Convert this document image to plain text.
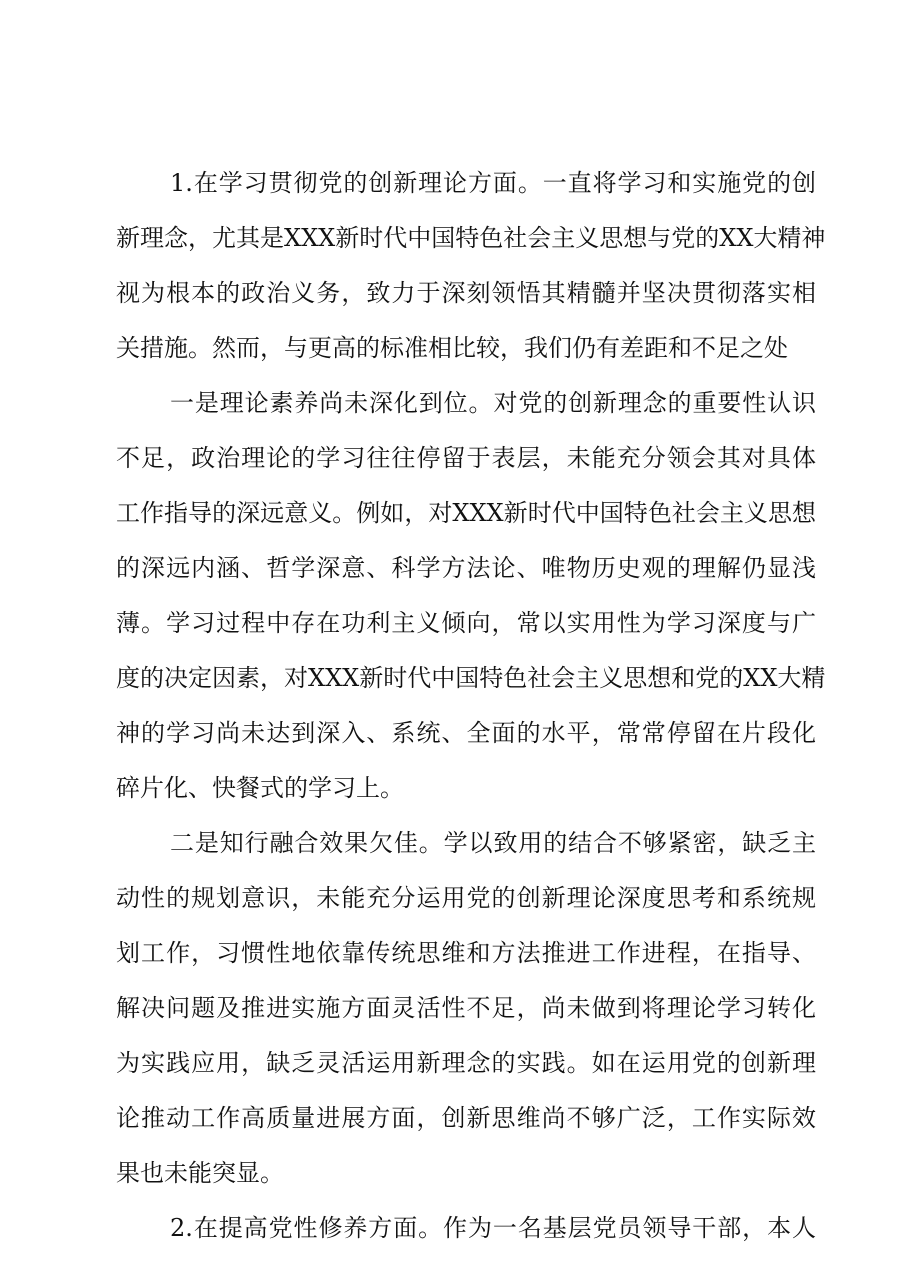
1.在学习贯彻党的创新理论方面。一直将学习和实施党的创
新理念，尤其是XXX新时代中国特色社会主义思想与党的XX大精神
视为根本的政治义务，致力于深刻领悟其精髓并坚决贯彻落实相
关措施。然而，与更高的标准相比较，我们仍有差距和不足之处
一是理论素养尚未深化到位。对党的创新理念的重要性认识
不足，政治理论的学习往往停留于表层，未能充分领会其对具体
工作指导的深远意义。例如，对XXX新时代中国特色社会主义思想
的深远内涵、哲学深意、科学方法论、唯物历史观的理解仍显浅
薄。学习过程中存在功利主义倾向，常以实用性为学习深度与广
度的决定因素，对XXX新时代中国特色社会主义思想和党的XX大精
神的学习尚未达到深入、系统、全面的水平，常常停留在片段化
碎片化、快餐式的学习上。
二是知行融合效果欠佳。学以致用的结合不够紧密，缺乏主
动性的规划意识，未能充分运用党的创新理论深度思考和系统规
划工作，习惯性地依靠传统思维和方法推进工作进程，在指导、
解决问题及推进实施方面灵活性不足，尚未做到将理论学习转化
为实践应用，缺乏灵活运用新理念的实践。如在运用党的创新理
论推动工作高质量进展方面，创新思维尚不够广泛，工作实际效
果也未能突显。
2.在提高党性修养方面。作为一名基层党员领导干部，本人
